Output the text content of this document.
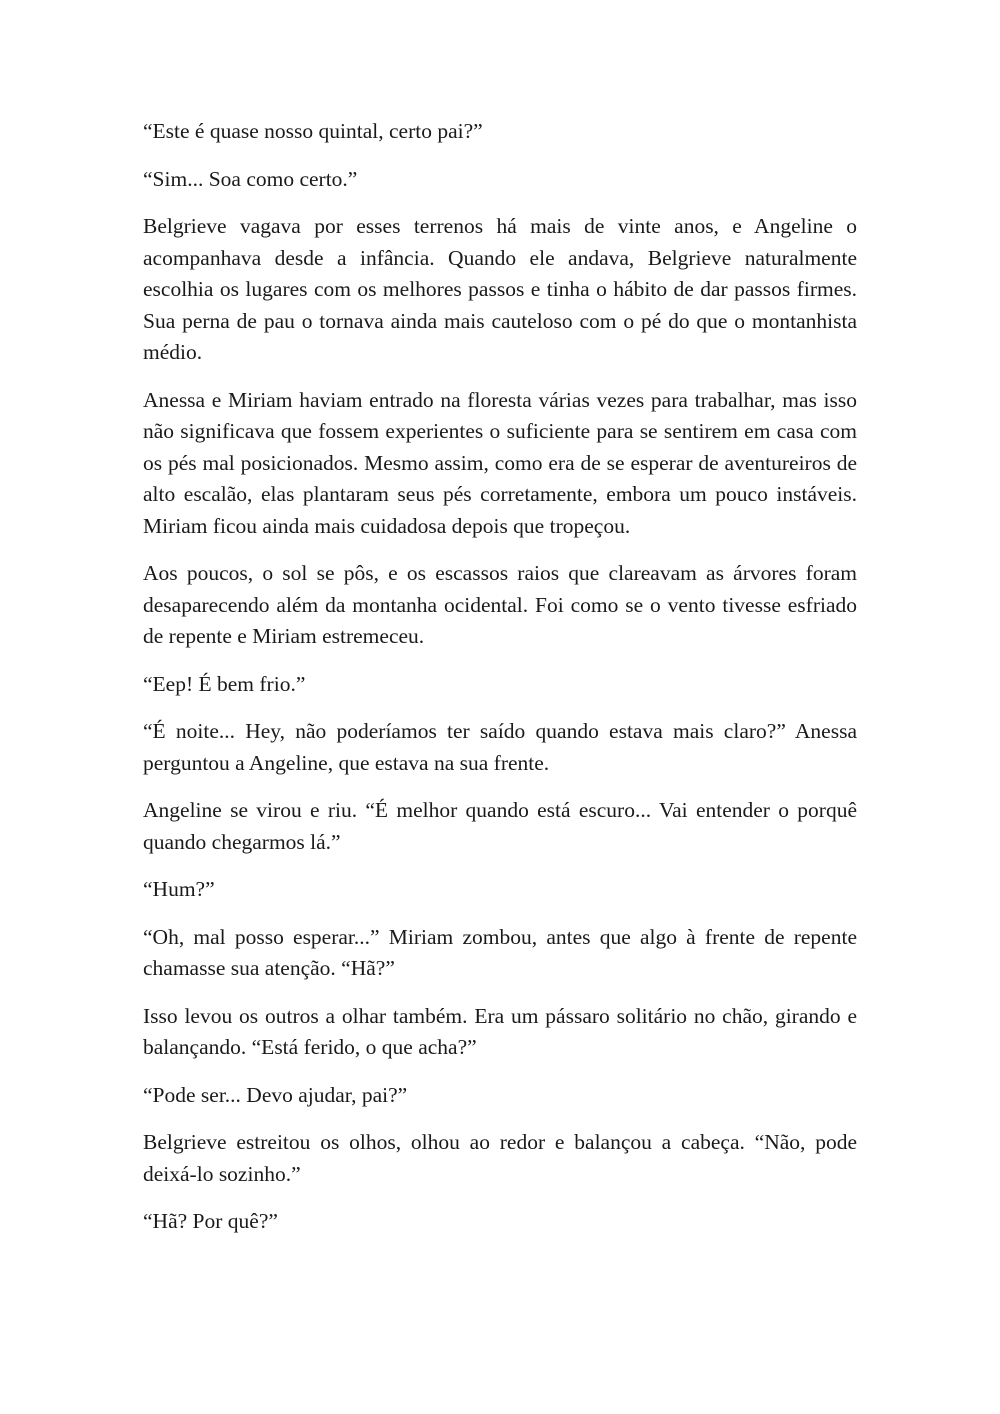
“Este é quase nosso quintal, certo pai?”

“Sim... Soa como certo.”

Belgrieve vagava por esses terrenos há mais de vinte anos, e Angeline o acompanhava desde a infância. Quando ele andava, Belgrieve naturalmente escolhia os lugares com os melhores passos e tinha o hábito de dar passos firmes. Sua perna de pau o tornava ainda mais cauteloso com o pé do que o montanhista médio.

Anessa e Miriam haviam entrado na floresta várias vezes para trabalhar, mas isso não significava que fossem experientes o suficiente para se sentirem em casa com os pés mal posicionados. Mesmo assim, como era de se esperar de aventureiros de alto escalão, elas plantaram seus pés corretamente, embora um pouco instáveis. Miriam ficou ainda mais cuidadosa depois que tropeçou.

Aos poucos, o sol se pôs, e os escassos raios que clareavam as árvores foram desaparecendo além da montanha ocidental. Foi como se o vento tivesse esfriado de repente e Miriam estremeceu.

“Eep! É bem frio.”

“É noite... Hey, não poderíamos ter saído quando estava mais claro?” Anessa perguntou a Angeline, que estava na sua frente.

Angeline se virou e riu. “É melhor quando está escuro... Vai entender o porquê quando chegarmos lá.”

“Hum?”

“Oh, mal posso esperar...” Miriam zombou, antes que algo à frente de repente chamasse sua atenção. “Hã?”

Isso levou os outros a olhar também. Era um pássaro solitário no chão, girando e balançando. “Está ferido, o que acha?”

“Pode ser... Devo ajudar, pai?”

Belgrieve estreitou os olhos, olhou ao redor e balançou a cabeça. “Não, pode deixá-lo sozinho.”

“Hã? Por quê?”
